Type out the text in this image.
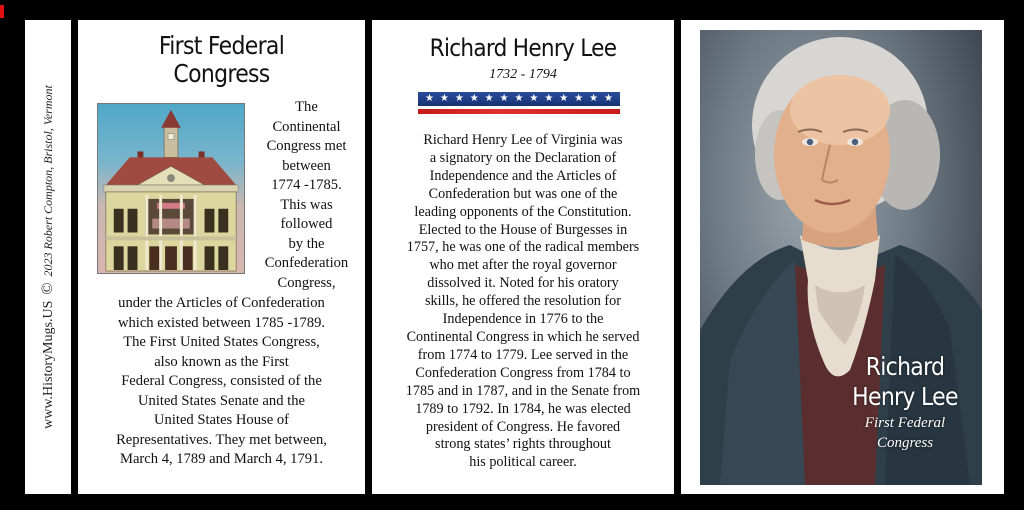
www.HistoryMugs.US
©
2023 Robert Compton, Bristol, Vermont
First Federal
Congress
The
Continental
Congress met
between
1774 -1785.
This was
followed
by the
Confederation
Congress,
under the Articles of Confederation
which existed between 1785 -1789.
The First United States Congress,
also known as the First
Federal Congress, consisted of the
United States Senate and the
United States House of
Representatives. They met between,
March 4, 1789 and March 4, 1791.
Richard Henry Lee
1732 - 1794
★ ★ ★ ★ ★ ★ ★ ★ ★ ★ ★ ★ ★
Richard Henry Lee of Virginia was
a signatory on the Declaration of
Independence and the Articles of
Confederation but was one of the
leading opponents of the Constitution.
Elected to the House of Burgesses in
1757, he was one of the radical members
who met after the royal governor
dissolved it. Noted for his oratory
skills, he offered the resolution for
Independence in 1776 to the
Continental Congress in which he served
from 1774 to 1779. Lee served in the
Confederation Congress from 1784 to
1785 and in 1787, and in the Senate from
1789 to 1792. In 1784, he was elected
president of Congress. He favored
strong states’ rights throughout
his political career.
Richard
Henry Lee
First Federal
Congress
